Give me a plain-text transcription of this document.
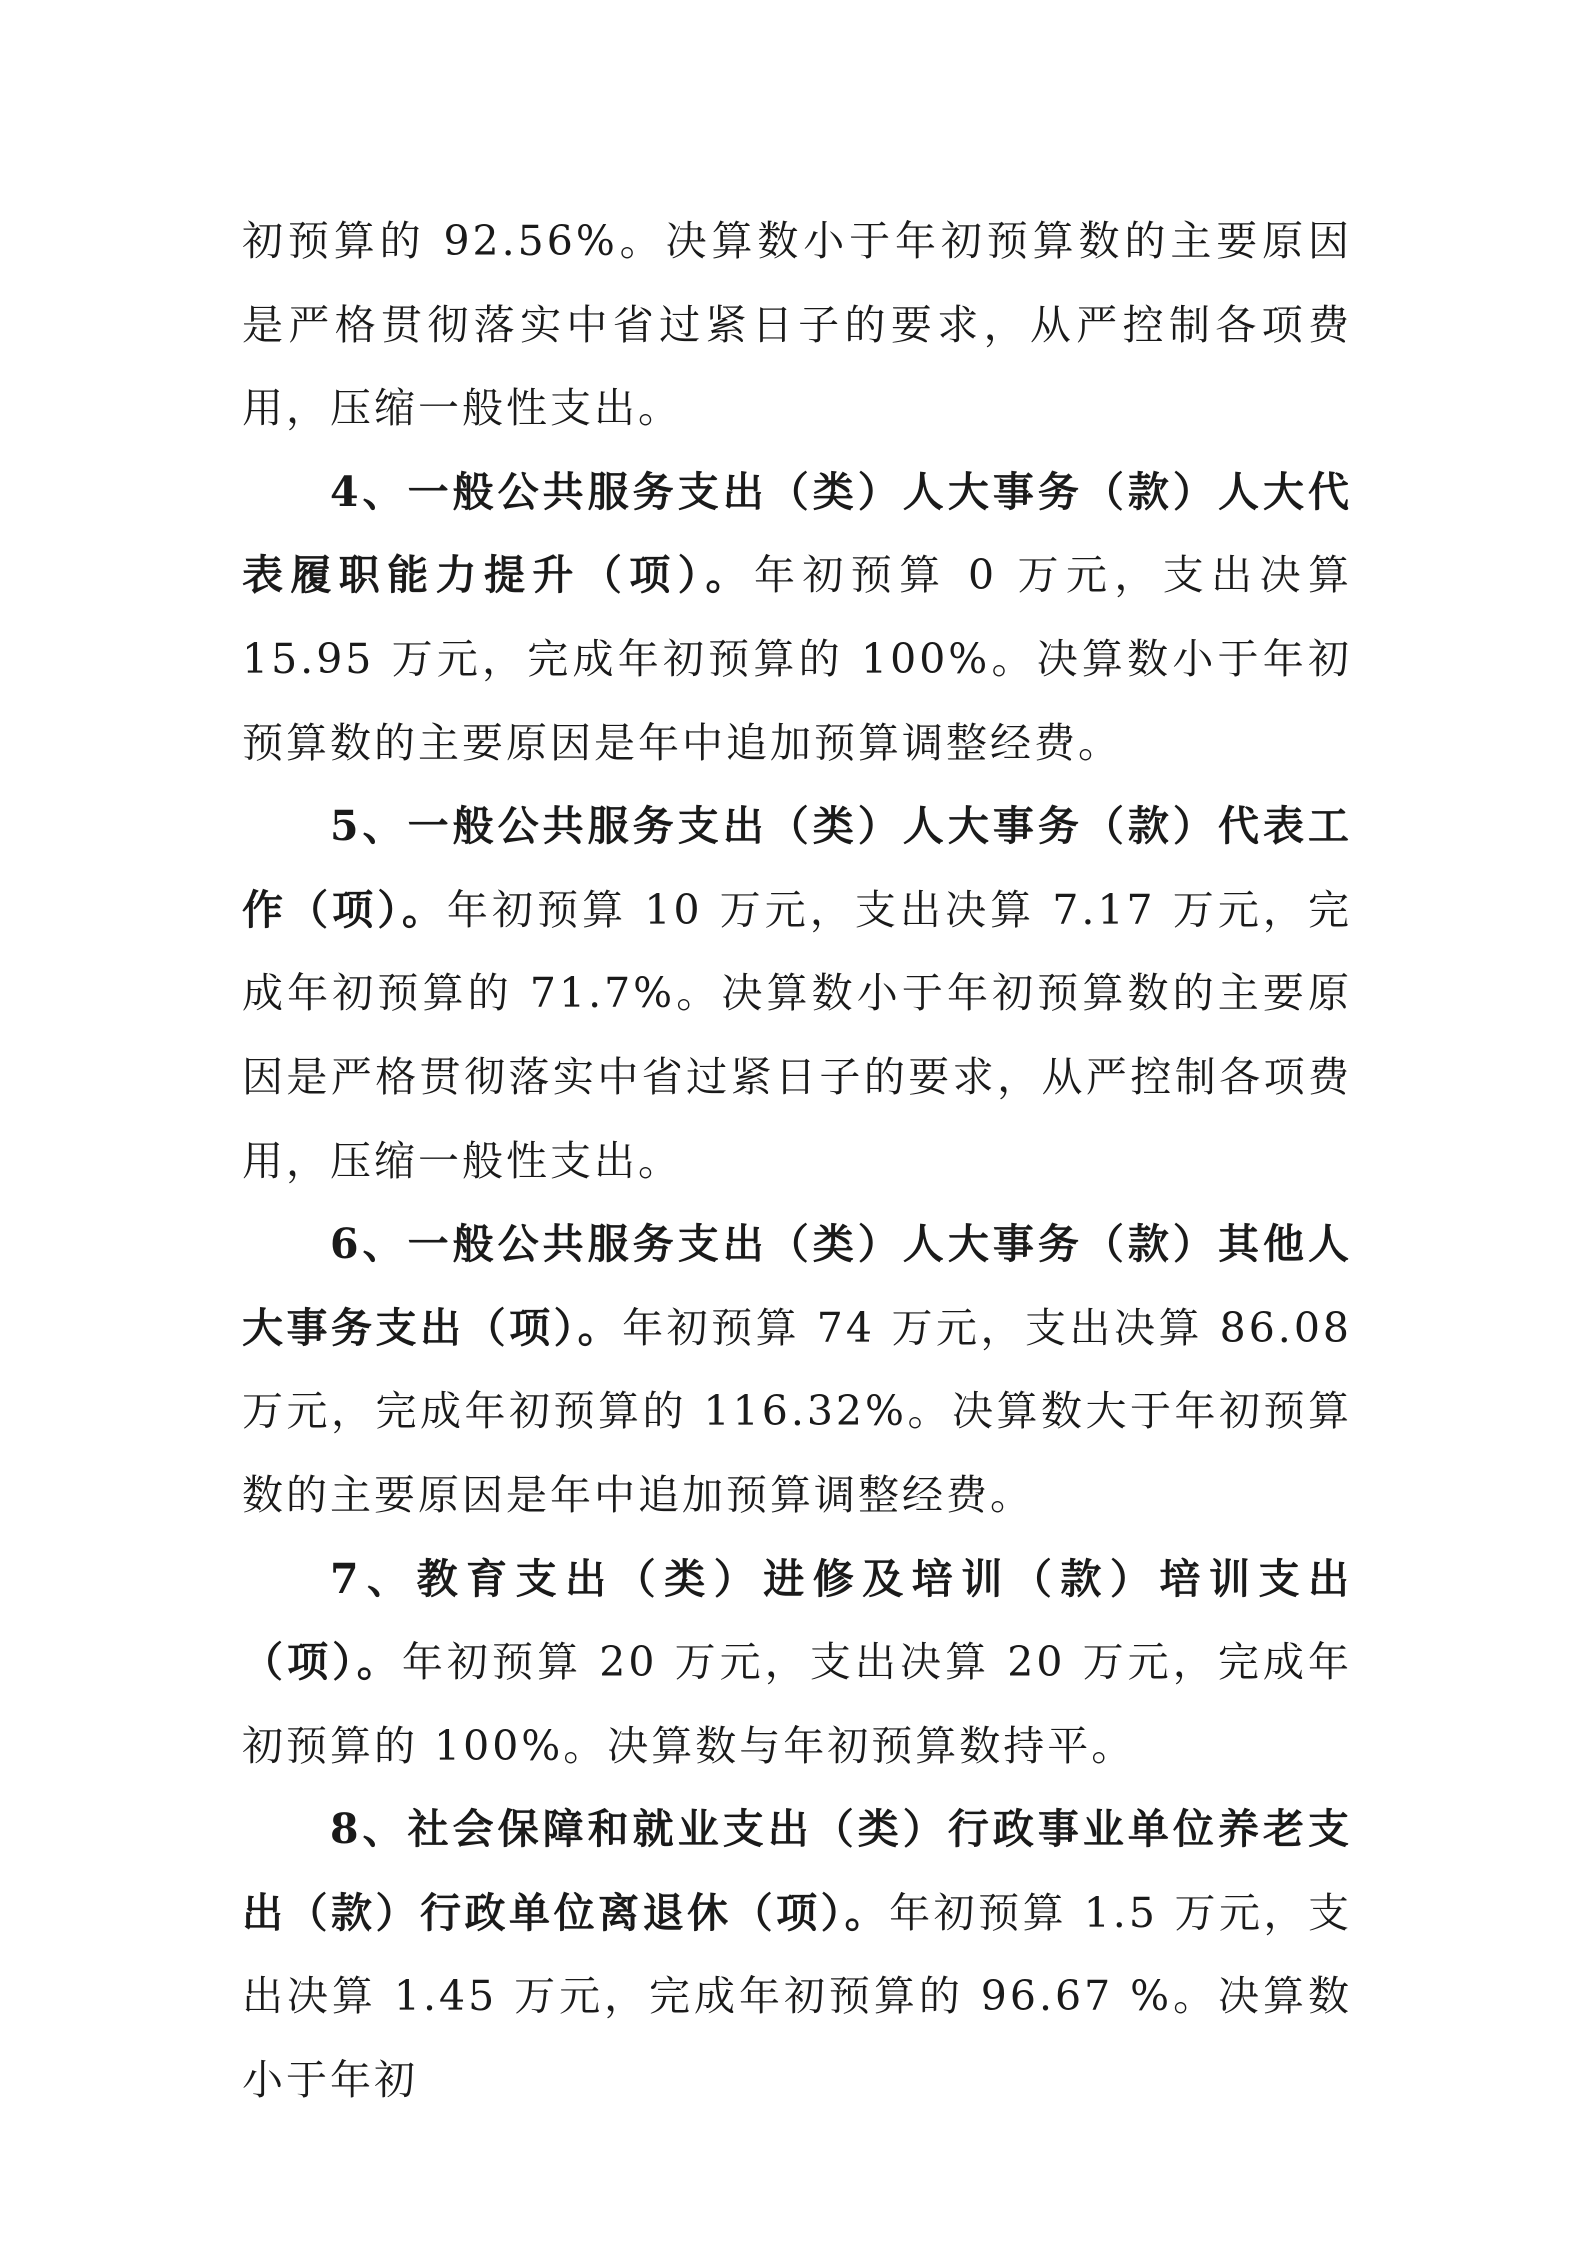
初预算的 92.56%。决算数小于年初预算数的主要原因是严格贯彻落实中省过紧日子的要求，从严控制各项费用，压缩一般性支出。

4、一般公共服务支出（类）人大事务（款）人大代表履职能力提升（项）。年初预算 0 万元，支出决算 15.95 万元，完成年初预算的 100%。决算数小于年初预算数的主要原因是年中追加预算调整经费。

5、一般公共服务支出（类）人大事务（款）代表工作（项）。年初预算 10 万元，支出决算 7.17 万元，完成年初预算的 71.7%。决算数小于年初预算数的主要原因是严格贯彻落实中省过紧日子的要求，从严控制各项费用，压缩一般性支出。

6、一般公共服务支出（类）人大事务（款）其他人大事务支出（项）。年初预算 74 万元，支出决算 86.08 万元，完成年初预算的 116.32%。决算数大于年初预算数的主要原因是年中追加预算调整经费。

7、教育支出（类）进修及培训（款）培训支出（项）。年初预算 20 万元，支出决算 20 万元，完成年初预算的 100%。决算数与年初预算数持平。

8、社会保障和就业支出（类）行政事业单位养老支出（款）行政单位离退休（项）。年初预算 1.5 万元，支出决算 1.45 万元，完成年初预算的 96.67 %。决算数小于年初
